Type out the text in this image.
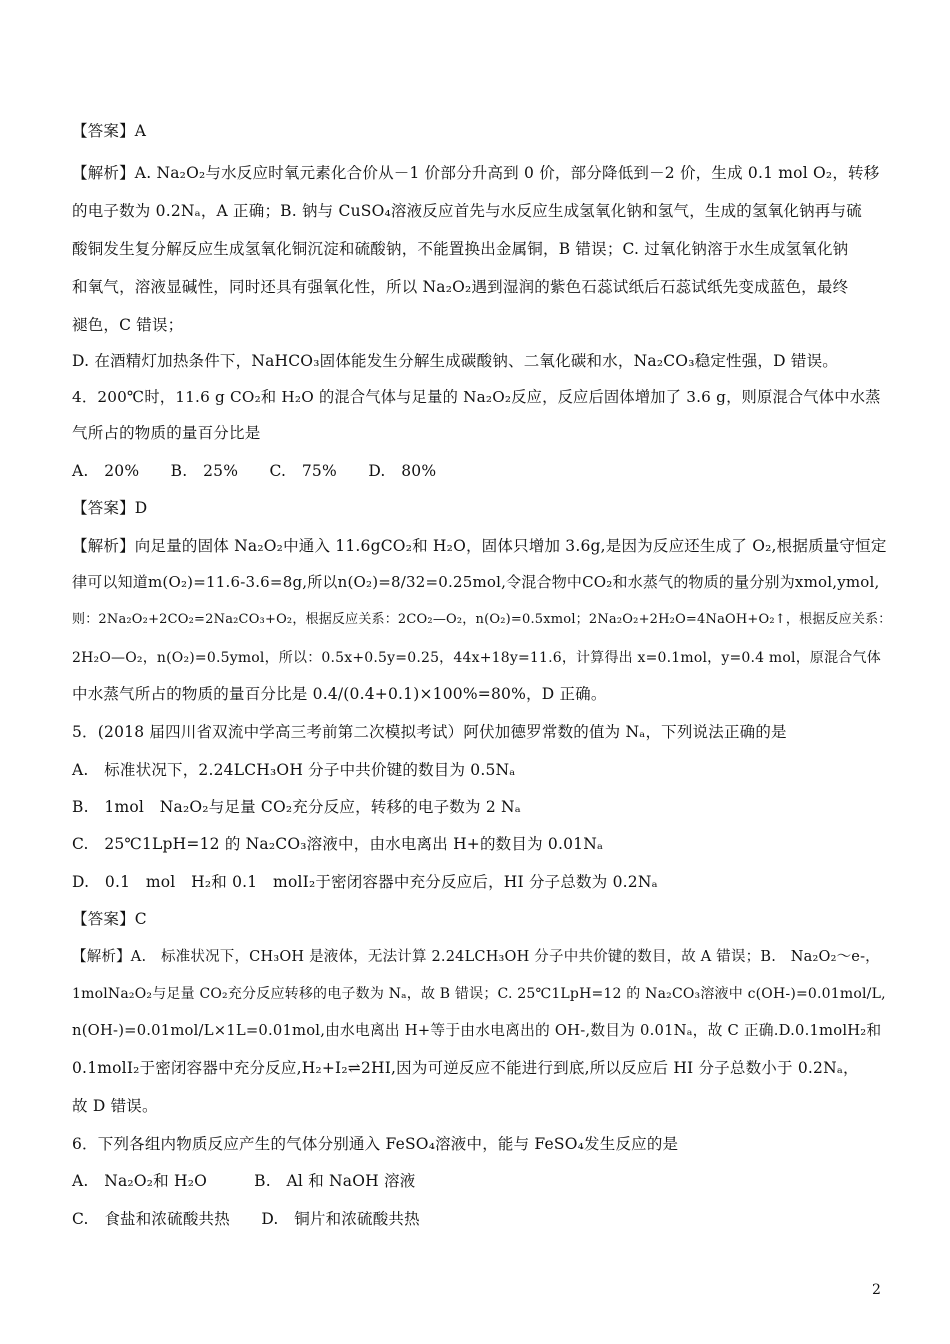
【答案】A
【解析】A. Na₂O₂与水反应时氧元素化合价从－1 价部分升高到 0 价，部分降低到－2 价，生成 0.1 mol O₂，转移
的电子数为 0.2Nₐ，A 正确；B. 钠与 CuSO₄溶液反应首先与水反应生成氢氧化钠和氢气，生成的氢氧化钠再与硫
酸铜发生复分解反应生成氢氧化铜沉淀和硫酸钠，不能置换出金属铜，B 错误；C. 过氧化钠溶于水生成氢氧化钠
和氧气，溶液显碱性，同时还具有强氧化性，所以 Na₂O₂遇到湿润的紫色石蕊试纸后石蕊试纸先变成蓝色，最终
褪色，C 错误；
D. 在酒精灯加热条件下，NaHCO₃固体能发生分解生成碳酸钠、二氧化碳和水，Na₂CO₃稳定性强，D 错误。
4．200℃时，11.6 g CO₂和 H₂O 的混合气体与足量的 Na₂O₂反应，反应后固体增加了 3.6 g，则原混合气体中水蒸
气所占的物质的量百分比是
A.　20%　　B.　25%　　C.　75%　　D.　80%
【答案】D
【解析】向足量的固体 Na₂O₂中通入 11.6gCO₂和 H₂O，固体只增加 3.6g,是因为反应还生成了 O₂,根据质量守恒定
律可以知道m(O₂)=11.6-3.6=8g,所以n(O₂)=8/32=0.25mol,令混合物中CO₂和水蒸气的物质的量分别为xmol,ymol,
则：2Na₂O₂+2CO₂=2Na₂CO₃+O₂，根据反应关系：2CO₂—O₂，n(O₂)=0.5xmol；2Na₂O₂+2H₂O=4NaOH+O₂↑，根据反应关系：
2H₂O—O₂，n(O₂)=0.5ymol，所以：0.5x+0.5y=0.25，44x+18y=11.6，计算得出 x=0.1mol，y=0.4 mol，原混合气体
中水蒸气所占的物质的量百分比是 0.4/(0.4+0.1)×100%=80%，D 正确。
5．(2018 届四川省双流中学高三考前第二次模拟考试）阿伏加德罗常数的值为 Nₐ，下列说法正确的是
A.　标准状况下，2.24LCH₃OH 分子中共价键的数目为 0.5Nₐ
B.　1mol　Na₂O₂与足量 CO₂充分反应，转移的电子数为 2 Nₐ
C.　25℃1LpH=12 的 Na₂CO₃溶液中，由水电离出 H+的数目为 0.01Nₐ
D.　0.1　mol　H₂和 0.1　molI₂于密闭容器中充分反应后，HI 分子总数为 0.2Nₐ
【答案】C
【解析】A.　标准状况下，CH₃OH 是液体，无法计算 2.24LCH₃OH 分子中共价键的数目，故 A 错误；B.　Na₂O₂～e-，
1molNa₂O₂与足量 CO₂充分反应转移的电子数为 Nₐ，故 B 错误；C. 25℃1LpH=12 的 Na₂CO₃溶液中 c(OH-)=0.01mol/L,
n(OH-)=0.01mol/L×1L=0.01mol,由水电离出 H+等于由水电离出的 OH-,数目为 0.01Nₐ，故 C 正确.D.0.1molH₂和
0.1molI₂于密闭容器中充分反应,H₂+I₂⇌2HI,因为可逆反应不能进行到底,所以反应后 HI 分子总数小于 0.2Nₐ，
故 D 错误。
6．下列各组内物质反应产生的气体分别通入 FeSO₄溶液中，能与 FeSO₄发生反应的是
A.　Na₂O₂和 H₂O　　　B.　Al 和 NaOH 溶液
C.　食盐和浓硫酸共热　　D.　铜片和浓硫酸共热
2
